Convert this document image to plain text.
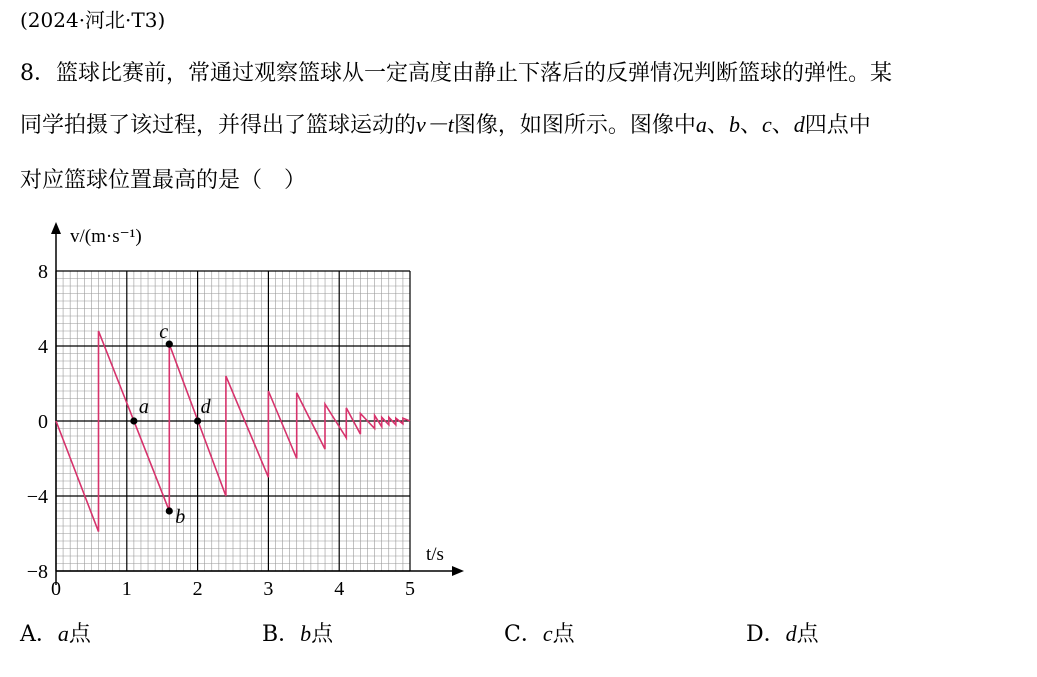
(2024·河北·T3)
8．篮球比赛前，常通过观察篮球从一定高度由静止下落后的反弹情况判断篮球的弹性。某
同学拍摄了该过程，并得出了篮球运动的v－t图像，如图所示。图像中a、b、c、d四点中
对应篮球位置最高的是（　）
v/(m·s⁻¹)
t/s
0	1	2	3	4	5
8
4
0
−4
−8
a
b
c
d
A．a点	B．b点	C．c点	D．d点
